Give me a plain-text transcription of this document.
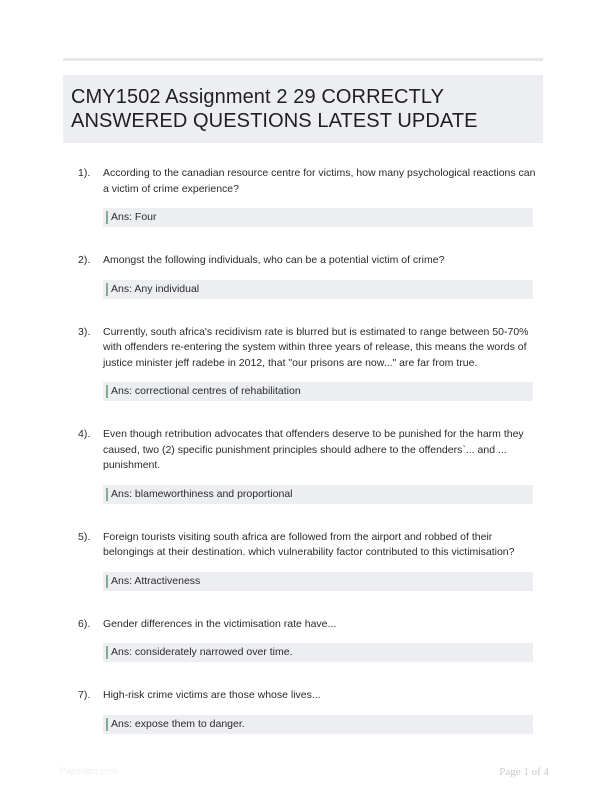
CMY1502 Assignment 2 29 CORRECTLY ANSWERED QUESTIONS LATEST UPDATE
1).	According to the canadian resource centre for victims, how many psychological reactions can a victim of crime experience?
Ans: Four
2).	Amongst the following individuals, who can be a potential victim of crime?
Ans: Any individual
3).	Currently, south africa's recidivism rate is blurred but is estimated to range between 50-70% with offenders re-entering the system within three years of release, this means the words of justice minister jeff radebe in 2012, that "our prisons are now..." are far from true.
Ans: correctional centres of rehabilitation
4).	Even though retribution advocates that offenders deserve to be punished for the harm they caused, two (2) specific punishment principles should adhere to the offenders`... and ... punishment.
Ans: blameworthiness and proportional
5).	Foreign tourists visiting south africa are followed from the airport and robbed of their belongings at their destination. which vulnerability factor contributed to this victimisation?
Ans: Attractiveness
6).	Gender differences in the victimisation rate have...
Ans: considerately narrowed over time.
7).	High-risk crime victims are those whose lives...
Ans: expose them to danger.
Paperlibri.com	Page 1 of 4
